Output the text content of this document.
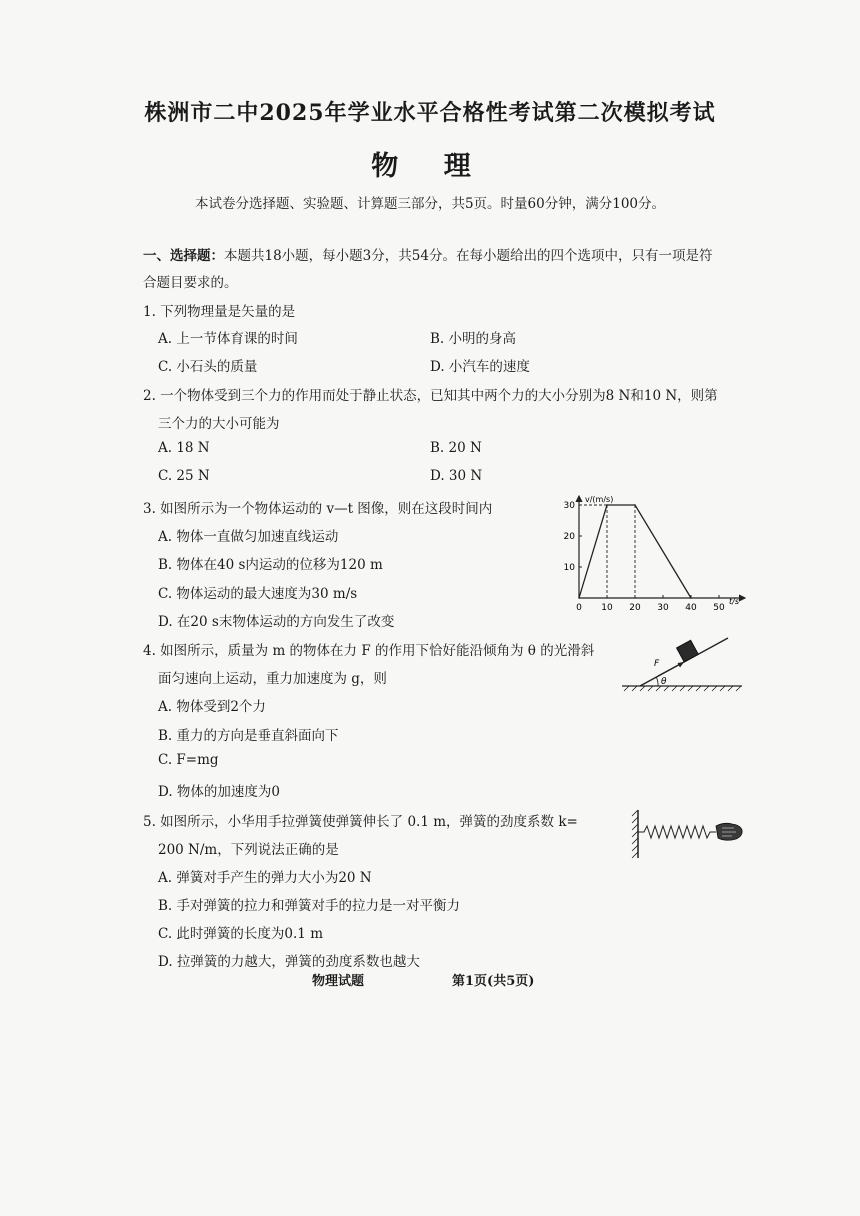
株洲市二中2025年学业水平合格性考试第二次模拟考试
物 理
本试卷分选择题、实验题、计算题三部分，共5页。时量60分钟，满分100分。
一、选择题：本题共18小题，每小题3分，共54分。在每小题给出的四个选项中，只有一项是符
合题目要求的。
1. 下列物理量是矢量的是
A. 上一节体育课的时间	B. 小明的身高
C. 小石头的质量	D. 小汽车的速度
2. 一个物体受到三个力的作用而处于静止状态，已知其中两个力的大小分别为8 N和10 N，则第
三个力的大小可能为
A. 18 N	B. 20 N
C. 25 N	D. 30 N
3. 如图所示为一个物体运动的 v—t 图像，则在这段时间内
A. 物体一直做匀加速直线运动
B. 物体在40 s内运动的位移为120 m
C. 物体运动的最大速度为30 m/s
D. 在20 s末物体运动的方向发生了改变
v/(m/s)
t/s
0 10 20 30 40 50
10
20
30
4. 如图所示，质量为 m 的物体在力 F 的作用下恰好能沿倾角为 θ 的光滑斜
面匀速向上运动，重力加速度为 g，则
A. 物体受到2个力
B. 重力的方向是垂直斜面向下
C. F=mg
D. 物体的加速度为0
θ
F
5. 如图所示，小华用手拉弹簧使弹簧伸长了 0.1 m，弹簧的劲度系数 k=
200 N/m，下列说法正确的是
A. 弹簧对手产生的弹力大小为20 N
B. 手对弹簧的拉力和弹簧对手的拉力是一对平衡力
C. 此时弹簧的长度为0.1 m
D. 拉弹簧的力越大，弹簧的劲度系数也越大
物理试题	第1页(共5页)
